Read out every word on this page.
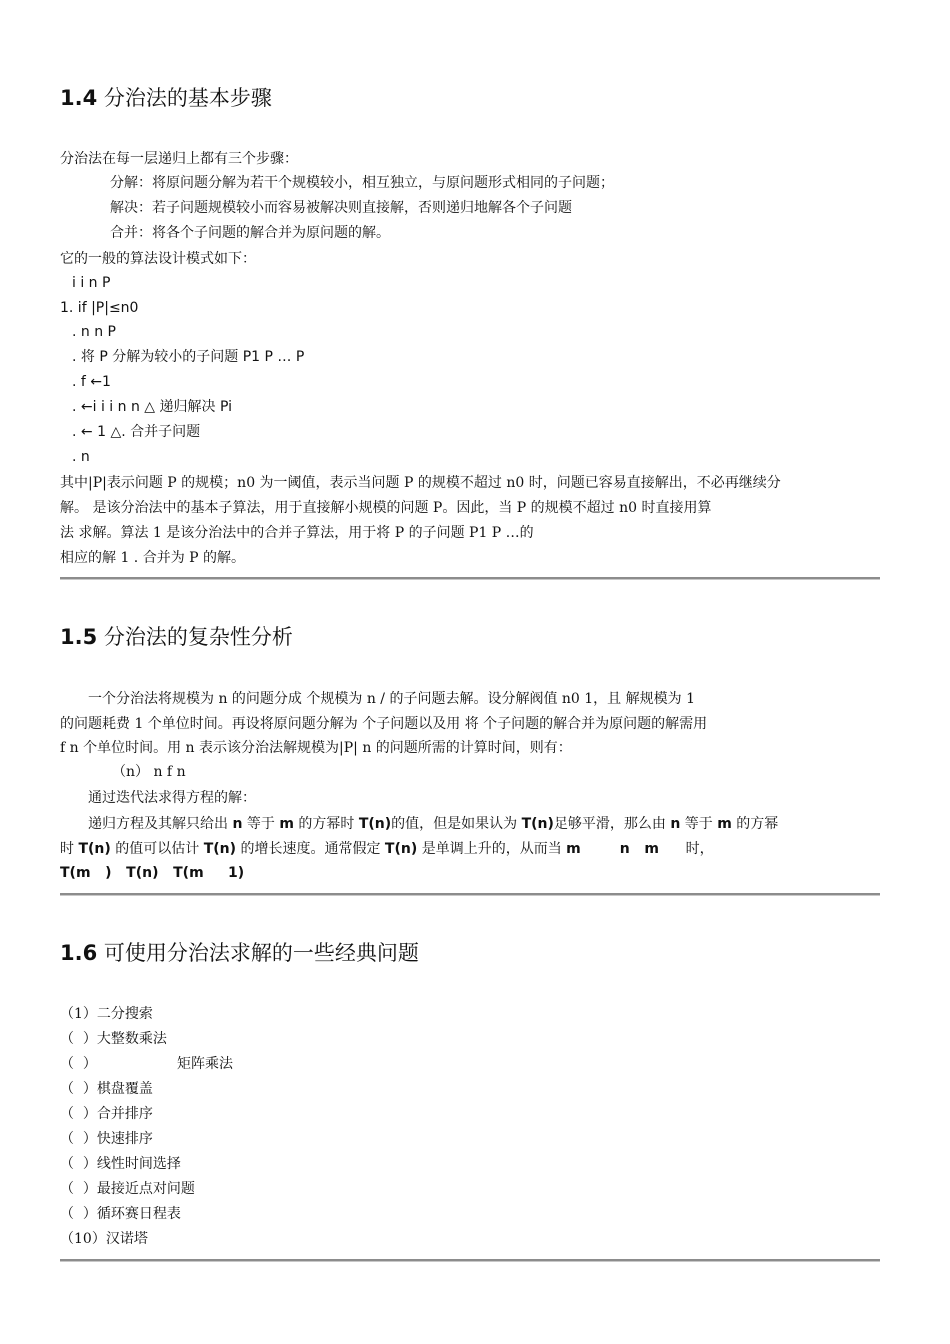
1.4 分治法的基本步骤
分治法在每一层递归上都有三个步骤：
分解：将原问题分解为若干个规模较小，相互独立，与原问题形式相同的子问题；
解决：若子问题规模较小而容易被解决则直接解，否则递归地解各个子问题
合并：将各个子问题的解合并为原问题的解。
它的一般的算法设计模式如下：
i i n P
1. if |P|≤n0
. n n P
. 将 P 分解为较小的子问题 P1 P … P
. f ←1
. ←i i i n n △ 递归解决 Pi
. ← 1 △. 合并子问题
. n
其中|P|表示问题 P 的规模；n0 为一阈值，表示当问题 P 的规模不超过 n0 时，问题已容易直接解出，不必再继续分
解。 是该分治法中的基本子算法，用于直接解小规模的问题 P。因此，当 P 的规模不超过 n0 时直接用算
法 求解。算法 1 是该分治法中的合并子算法，用于将 P 的子问题 P1 P …的
相应的解 1 . 合并为 P 的解。
1.5 分治法的复杂性分析
一个分治法将规模为 n 的问题分成 个规模为 n / 的子问题去解。设分解阀值 n0 1，且 解规模为 1
的问题耗费 1 个单位时间。再设将原问题分解为 个子问题以及用 将 个子问题的解合并为原问题的解需用
f n 个单位时间。用 n 表示该分治法解规模为|P| n 的问题所需的计算时间，则有：
（n） n f n
通过迭代法求得方程的解：
递归方程及其解只给出 n 等于 m 的方幂时 T(n)的值，但是如果认为 T(n)足够平滑，那么由 n 等于 m 的方幂
时 T(n) 的值可以估计 T(n) 的增长速度。通常假定 T(n) 是单调上升的，从而当 m        n   m      时，
T(m   )   T(n)   T(m     1)
1.6 可使用分治法求解的一些经典问题
（1）二分搜索
（  ）大整数乘法
（  ）                  矩阵乘法
（  ）棋盘覆盖
（  ）合并排序
（  ）快速排序
（  ）线性时间选择
（  ）最接近点对问题
（  ）循环赛日程表
（10）汉诺塔
